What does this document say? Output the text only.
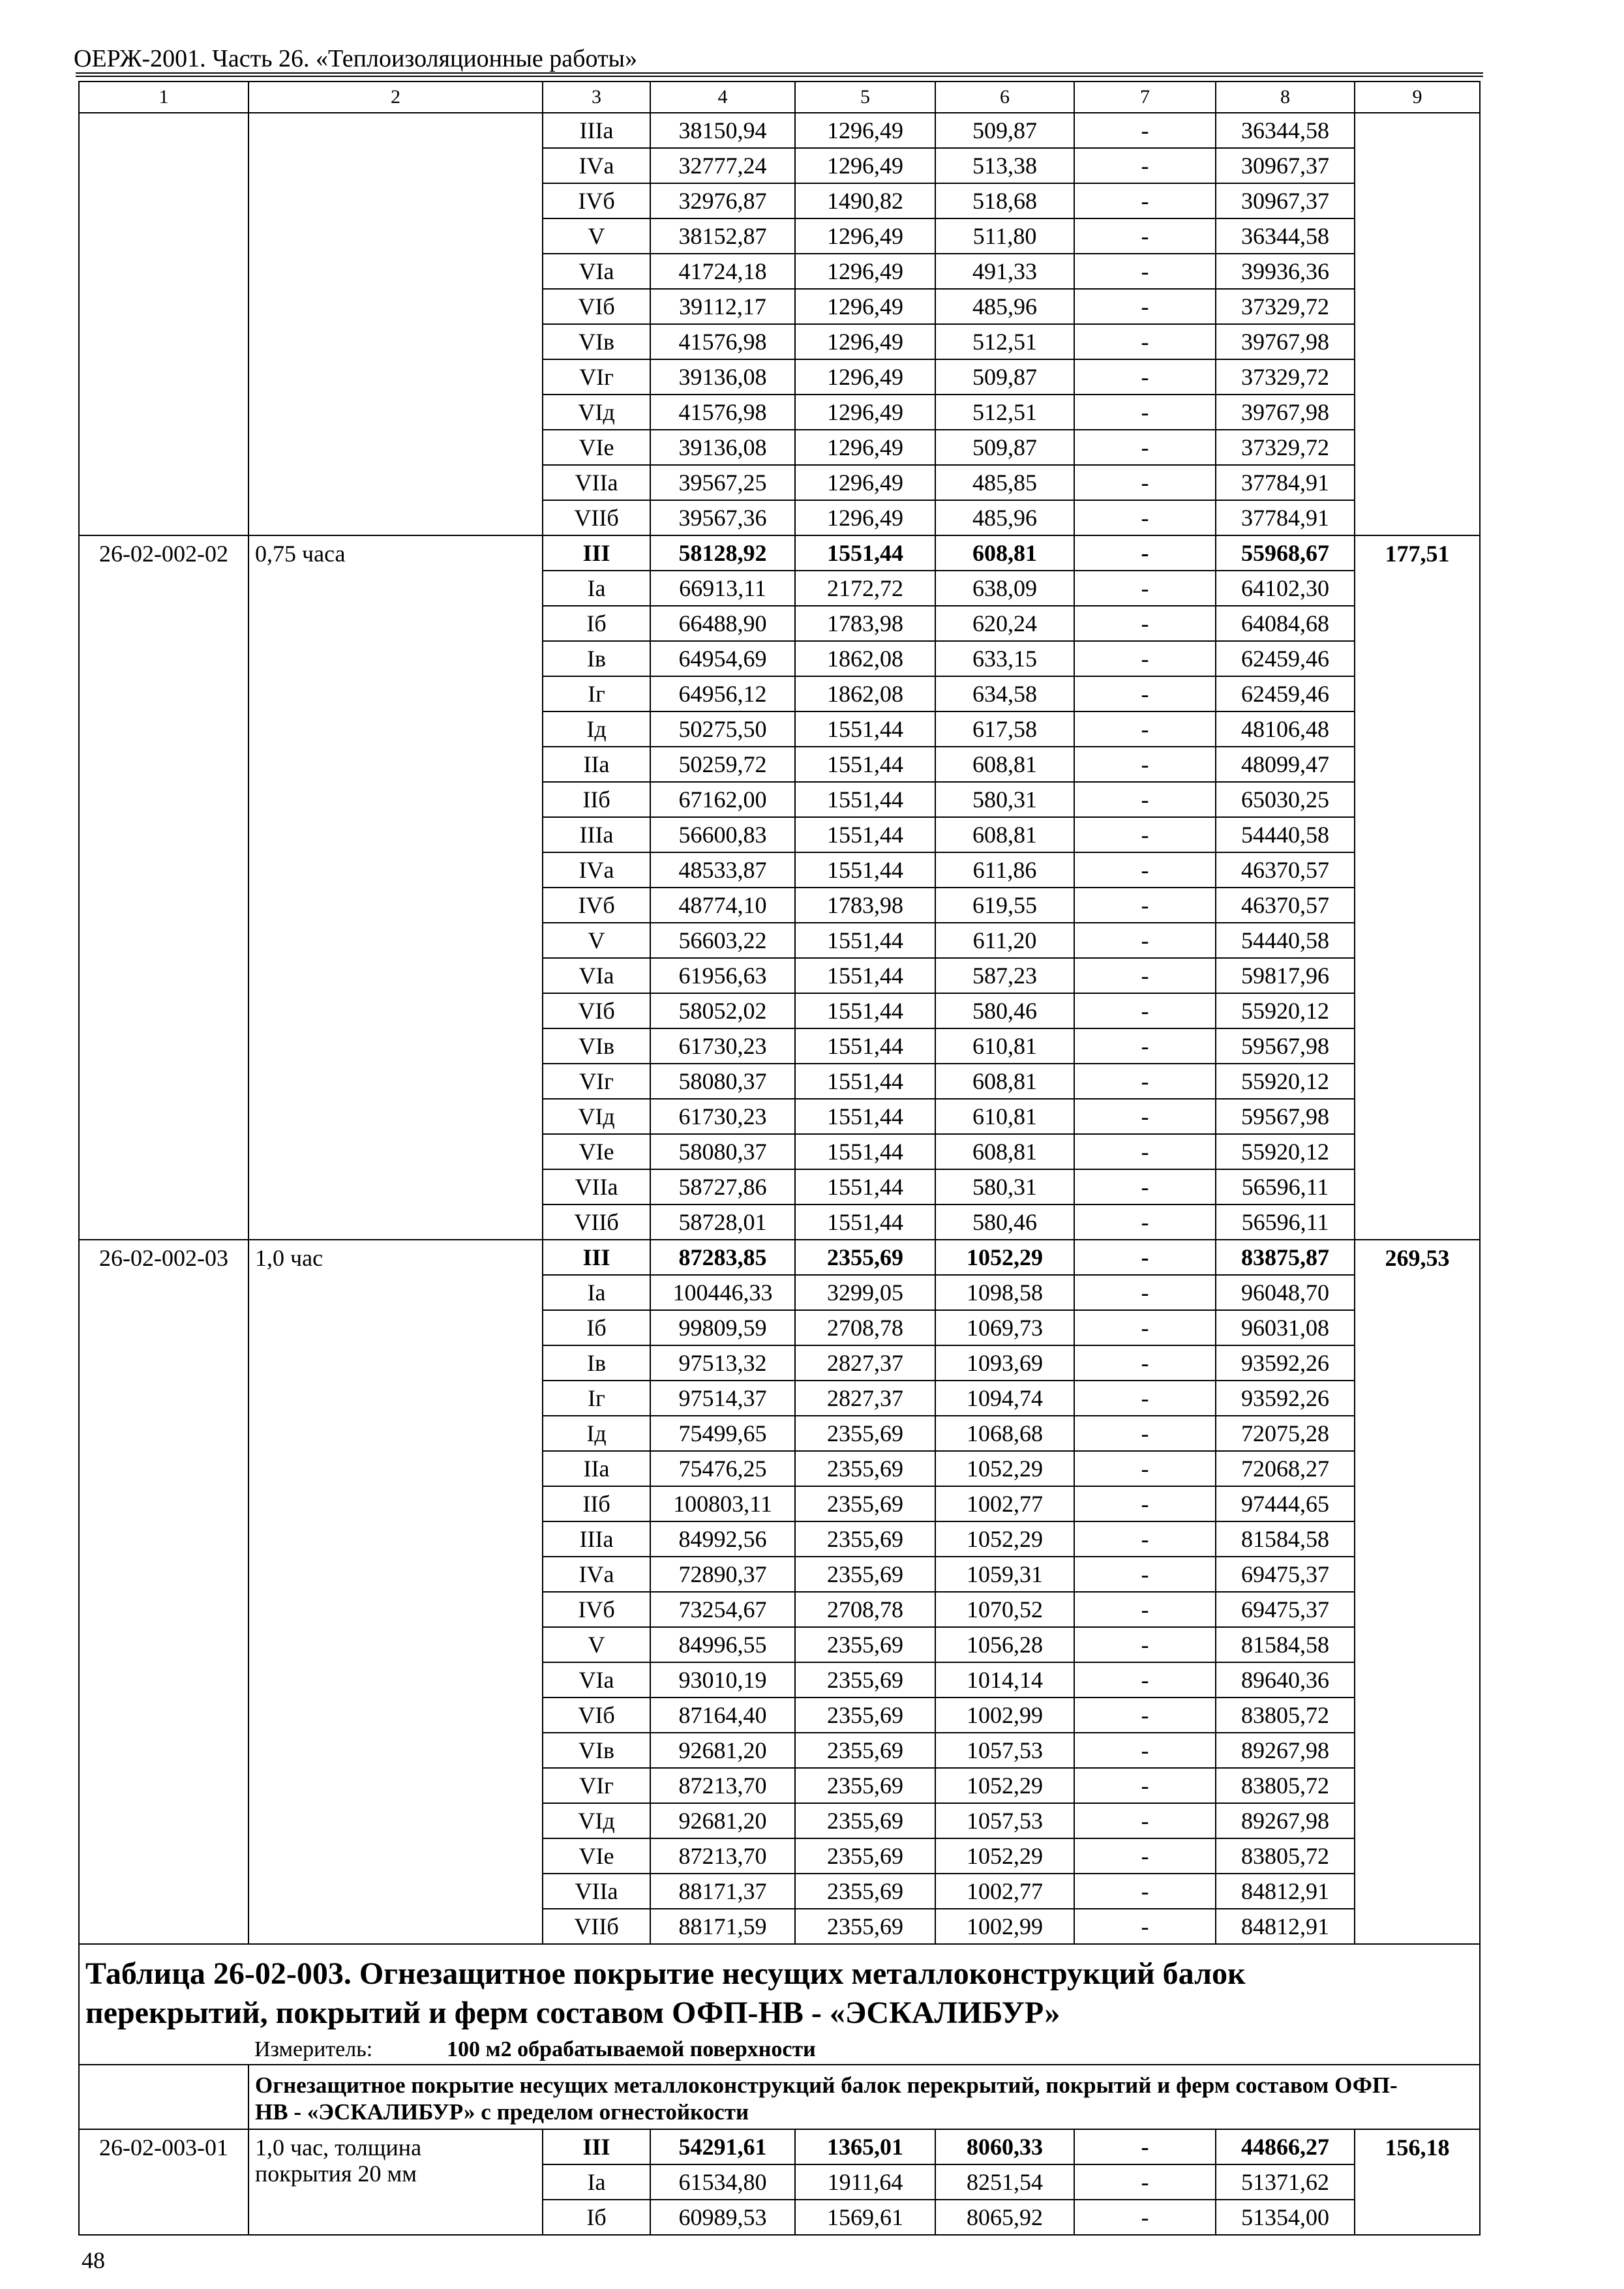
ОЕРЖ-2001. Часть 26. «Теплоизоляционные работы»
1	2	3	4	5	6	7	8	9
		IIIа	38150,94	1296,49	509,87	-	36344,58	
		IVа	32777,24	1296,49	513,38	-	30967,37	
		IVб	32976,87	1490,82	518,68	-	30967,37	
		V	38152,87	1296,49	511,80	-	36344,58	
		VIа	41724,18	1296,49	491,33	-	39936,36	
		VIб	39112,17	1296,49	485,96	-	37329,72	
		VIв	41576,98	1296,49	512,51	-	39767,98	
		VIг	39136,08	1296,49	509,87	-	37329,72	
		VIд	41576,98	1296,49	512,51	-	39767,98	
		VIе	39136,08	1296,49	509,87	-	37329,72	
		VIIа	39567,25	1296,49	485,85	-	37784,91	
		VIIб	39567,36	1296,49	485,96	-	37784,91	
26-02-002-02	0,75 часа	III	58128,92	1551,44	608,81	-	55968,67	177,51
		Iа	66913,11	2172,72	638,09	-	64102,30	
		Iб	66488,90	1783,98	620,24	-	64084,68	
		Iв	64954,69	1862,08	633,15	-	62459,46	
		Iг	64956,12	1862,08	634,58	-	62459,46	
		Iд	50275,50	1551,44	617,58	-	48106,48	
		IIа	50259,72	1551,44	608,81	-	48099,47	
		IIб	67162,00	1551,44	580,31	-	65030,25	
		IIIа	56600,83	1551,44	608,81	-	54440,58	
		IVа	48533,87	1551,44	611,86	-	46370,57	
		IVб	48774,10	1783,98	619,55	-	46370,57	
		V	56603,22	1551,44	611,20	-	54440,58	
		VIа	61956,63	1551,44	587,23	-	59817,96	
		VIб	58052,02	1551,44	580,46	-	55920,12	
		VIв	61730,23	1551,44	610,81	-	59567,98	
		VIг	58080,37	1551,44	608,81	-	55920,12	
		VIд	61730,23	1551,44	610,81	-	59567,98	
		VIе	58080,37	1551,44	608,81	-	55920,12	
		VIIа	58727,86	1551,44	580,31	-	56596,11	
		VIIб	58728,01	1551,44	580,46	-	56596,11	
26-02-002-03	1,0 час	III	87283,85	2355,69	1052,29	-	83875,87	269,53
		Iа	100446,33	3299,05	1098,58	-	96048,70	
		Iб	99809,59	2708,78	1069,73	-	96031,08	
		Iв	97513,32	2827,37	1093,69	-	93592,26	
		Iг	97514,37	2827,37	1094,74	-	93592,26	
		Iд	75499,65	2355,69	1068,68	-	72075,28	
		IIа	75476,25	2355,69	1052,29	-	72068,27	
		IIб	100803,11	2355,69	1002,77	-	97444,65	
		IIIа	84992,56	2355,69	1052,29	-	81584,58	
		IVа	72890,37	2355,69	1059,31	-	69475,37	
		IVб	73254,67	2708,78	1070,52	-	69475,37	
		V	84996,55	2355,69	1056,28	-	81584,58	
		VIа	93010,19	2355,69	1014,14	-	89640,36	
		VIб	87164,40	2355,69	1002,99	-	83805,72	
		VIв	92681,20	2355,69	1057,53	-	89267,98	
		VIг	87213,70	2355,69	1052,29	-	83805,72	
		VIд	92681,20	2355,69	1057,53	-	89267,98	
		VIе	87213,70	2355,69	1052,29	-	83805,72	
		VIIа	88171,37	2355,69	1002,77	-	84812,91	
		VIIб	88171,59	2355,69	1002,99	-	84812,91	

Таблица 26-02-003. Огнезащитное покрытие несущих металлоконструкций балок перекрытий, покрытий и ферм составом ОФП-НВ - «ЭСКАЛИБУР»
Измеритель: 100 м2 обрабатываемой поверхности								

	Огнезащитное покрытие несущих металлоконструкций балок перекрытий, покрытий и ферм составом ОФП-НВ - «ЭСКАЛИБУР» с пределом огнестойкости							

26-02-003-01	1,0 час, толщина покрытия 20 мм	III	54291,61	1365,01	8060,33	-	44866,27	156,18
		Iа	61534,80	1911,64	8251,54	-	51371,62	
		Iб	60989,53	1569,61	8065,92	-	51354,00	
48
